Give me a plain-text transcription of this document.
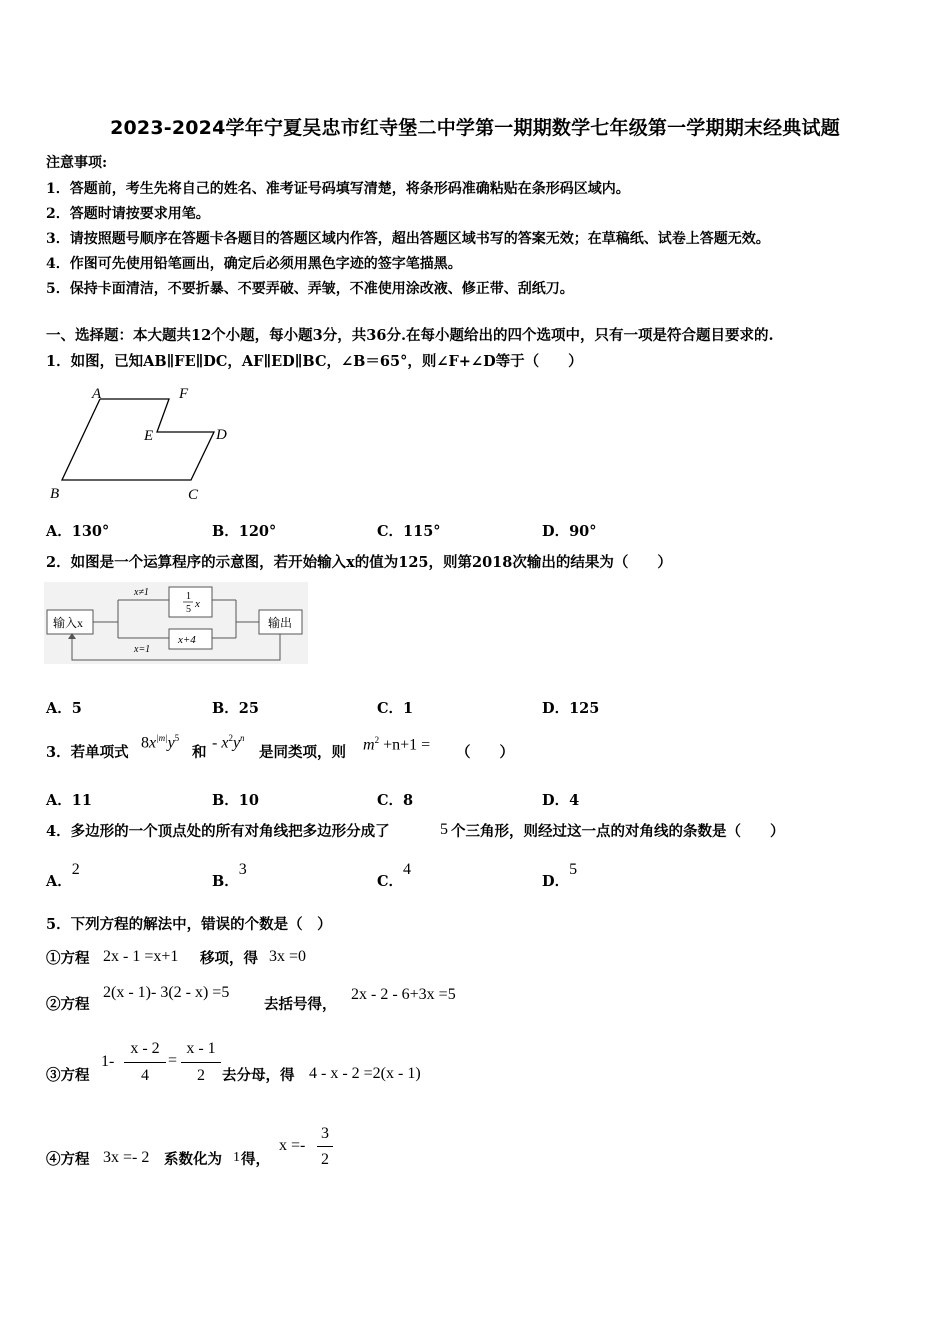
2023-2024学年宁夏吴忠市红寺堡二中学第一期期数学七年级第一学期期末经典试题
注意事项:
1．答题前，考生先将自己的姓名、准考证号码填写清楚，将条形码准确粘贴在条形码区域内。
2．答题时请按要求用笔。
3．请按照题号顺序在答题卡各题目的答题区域内作答，超出答题区域书写的答案无效；在草稿纸、试卷上答题无效。
4．作图可先使用铅笔画出，确定后必须用黑色字迹的签字笔描黑。
5．保持卡面清洁，不要折暴、不要弄破、弄皱，不准使用涂改液、修正带、刮纸刀。
一、选择题：本大题共12个小题，每小题3分，共36分.在每小题给出的四个选项中，只有一项是符合题目要求的.
1．如图，已知AB∥FE∥DC，AF∥ED∥BC，∠B＝65°，则∠F+∠D等于（　　）
A	F
E	D
B	C
A．130°	B．120°	C．115°	D．90°
2．如图是一个运算程序的示意图，若开始输入x的值为125，则第2018次输出的结果为（　　）
输入x
x≠1
x=1
1
5 x
x+4
输出
A．5	B．25	C．1	D．125
3．若单项式
$8x^{|m|}y^5$
和
- $x^2y^n$
是同类项，则 $m^2 +n+1$ = （　　）
A．11	B．10	C．8	D．4
4．多边形的一个顶点处的所有对角线把多边形分成了	5 个三角形，则经过这一点的对角线的条数是（　　）
A．2
B．3
C．4
D．5
5．下列方程的解法中，错误的个数是（　）
①方程 2x - 1 =x+1 移项，得 3x =0
②方程
2(x - 1)- 3(2 - x) =5
去括号得，
2x - 2 - 6+3x =5
③方程
1-
x - 2
4
=
x - 1
2	去分母，得 4 - x - 2 =2(x - 1)
④方程 3x =- 2 系数化为 1 得，
x =-
3
2
